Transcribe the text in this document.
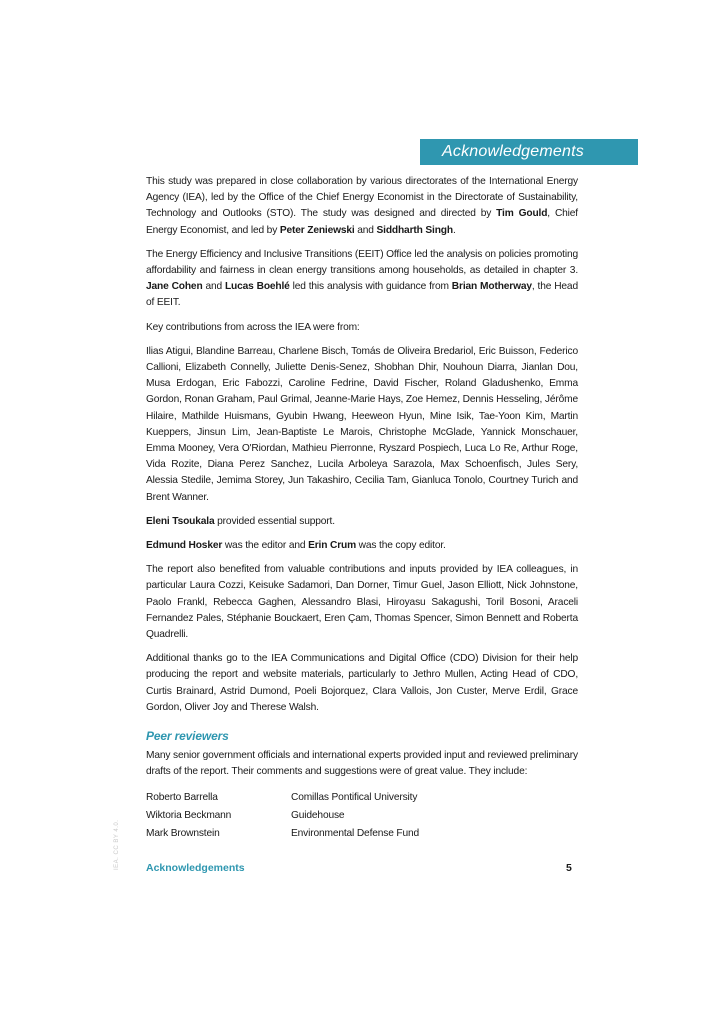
Acknowledgements

This study was prepared in close collaboration by various directorates of the International Energy Agency (IEA), led by the Office of the Chief Energy Economist in the Directorate of Sustainability, Technology and Outlooks (STO). The study was designed and directed by Tim Gould, Chief Energy Economist, and led by Peter Zeniewski and Siddharth Singh.

The Energy Efficiency and Inclusive Transitions (EEIT) Office led the analysis on policies promoting affordability and fairness in clean energy transitions among households, as detailed in chapter 3. Jane Cohen and Lucas Boehlé led this analysis with guidance from Brian Motherway, the Head of EEIT.

Key contributions from across the IEA were from:

Ilias Atigui, Blandine Barreau, Charlene Bisch, Tomás de Oliveira Bredariol, Eric Buisson, Federico Callioni, Elizabeth Connelly, Juliette Denis-Senez, Shobhan Dhir, Nouhoun Diarra, Jianlan Dou, Musa Erdogan, Eric Fabozzi, Caroline Fedrine, David Fischer, Roland Gladushenko, Emma Gordon, Ronan Graham, Paul Grimal, Jeanne-Marie Hays, Zoe Hemez, Dennis Hesseling, Jérôme Hilaire, Mathilde Huismans, Gyubin Hwang, Heeweon Hyun, Mine Isik, Tae-Yoon Kim, Martin Kueppers, Jinsun Lim, Jean-Baptiste Le Marois, Christophe McGlade, Yannick Monschauer, Emma Mooney, Vera O'Riordan, Mathieu Pierronne, Ryszard Pospiech, Luca Lo Re, Arthur Roge, Vida Rozite, Diana Perez Sanchez, Lucila Arboleya Sarazola, Max Schoenfisch, Jules Sery, Alessia Stedile, Jemima Storey, Jun Takashiro, Cecilia Tam, Gianluca Tonolo, Courtney Turich and Brent Wanner.

Eleni Tsoukala provided essential support.

Edmund Hosker was the editor and Erin Crum was the copy editor.

The report also benefited from valuable contributions and inputs provided by IEA colleagues, in particular Laura Cozzi, Keisuke Sadamori, Dan Dorner, Timur Guel, Jason Elliott, Nick Johnstone, Paolo Frankl, Rebecca Gaghen, Alessandro Blasi, Hiroyasu Sakagushi, Toril Bosoni, Araceli Fernandez Pales, Stéphanie Bouckaert, Eren Çam, Thomas Spencer, Simon Bennett and Roberta Quadrelli.

Additional thanks go to the IEA Communications and Digital Office (CDO) Division for their help producing the report and website materials, particularly to Jethro Mullen, Acting Head of CDO, Curtis Brainard, Astrid Dumond, Poeli Bojorquez, Clara Vallois, Jon Custer, Merve Erdil, Grace Gordon, Oliver Joy and Therese Walsh.

Peer reviewers

Many senior government officials and international experts provided input and reviewed preliminary drafts of the report. Their comments and suggestions were of great value. They include:

Roberto Barrella	Comillas Pontifical University
Wiktoria Beckmann	Guidehouse
Mark Brownstein	Environmental Defense Fund
IEA. CC BY 4.0. Acknowledgements	5
